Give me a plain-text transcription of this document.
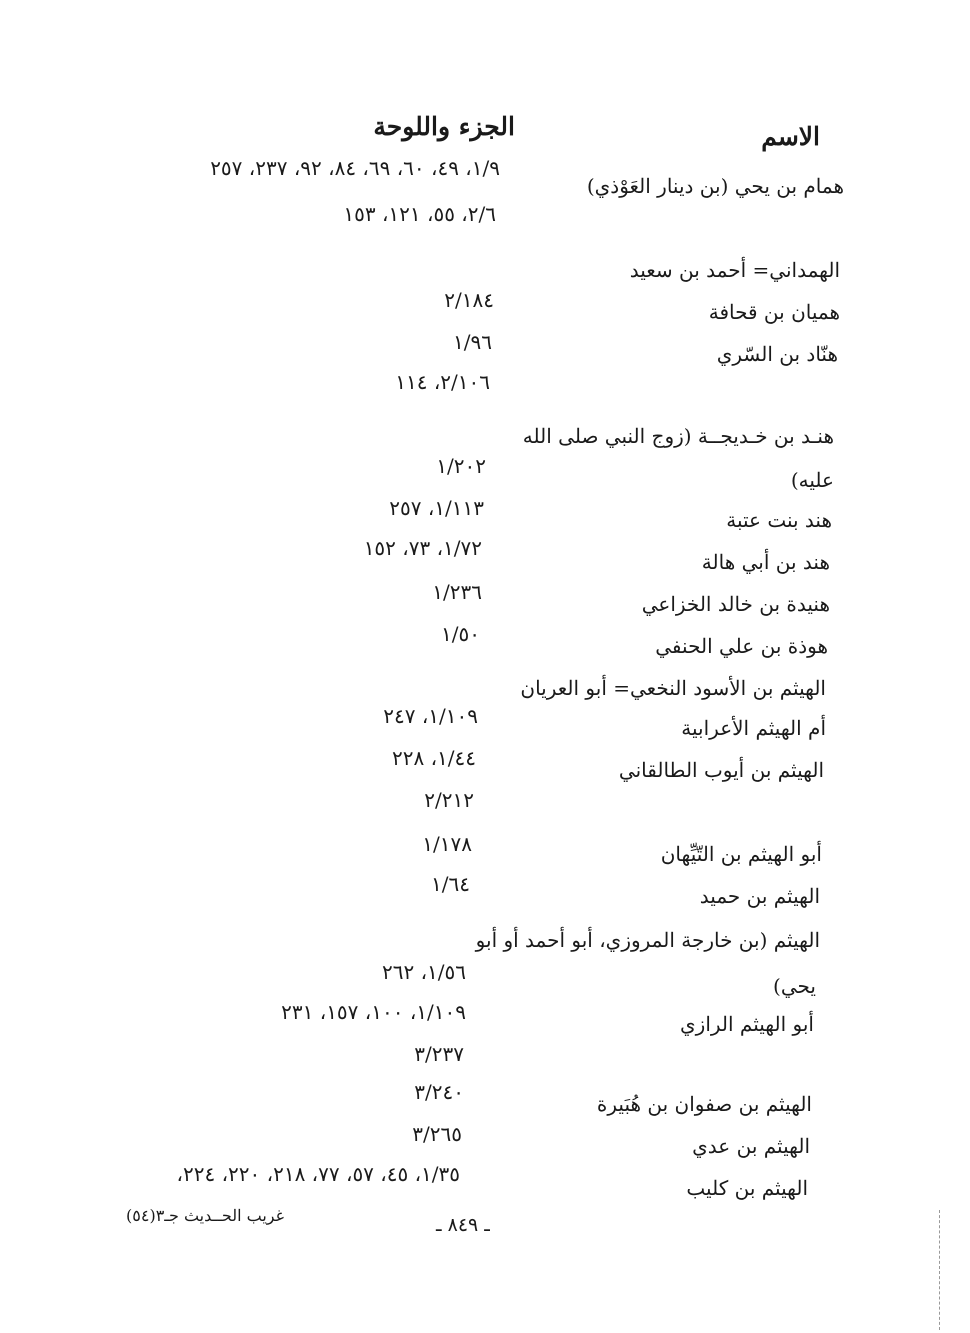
الاسم
الجزء واللوحة
همام بن يحي (بن دينار العَوْذي)
الهمداني= أحمد بن سعيد
هميان بن قحافة
هنّاد بن السّري
هنـد بن خـديجــة (زوج النبي صلى الله
عليه)
هند بنت عتبة
هند بن أبي هالة
هنيدة بن خالد الخزاعي
هوذة بن علي الحنفي
الهيثم بن الأسود النخعي= أبو العريان
أم الهيثم الأعرابية
الهيثم بن أيوب الطالقاني
أبو الهيثم بن التّيِّهان
الهيثم بن حميد
الهيثم (بن خارجة المروزي، أبو أحمد أو أبو
يحي)
أبو الهيثم الرازي
الهيثم بن صفوان بن هُبَيرة
الهيثم بن عدي
الهيثم بن كليب
١/٩، ٤٩، ٦٠، ٦٩، ٨٤، ٩٢، ٢٣٧، ٢٥٧
٢/٦، ٥٥، ١٢١، ١٥٣
٢/١٨٤
١/٩٦
٢/١٠٦، ١١٤
١/٢٠٢
١/١١٣، ٢٥٧
١/٧٢، ٧٣، ١٥٢
١/٢٣٦
١/٥٠
١/١٠٩، ٢٤٧
١/٤٤، ٢٢٨
٢/٢١٢
١/١٧٨
١/٦٤
١/٥٦، ٢٦٢
١/١٠٩، ١٠٠، ١٥٧، ٢٣١
٣/٢٣٧
٣/٢٤٠
٣/٢٦٥
١/٣٥، ٤٥، ٥٧، ٧٧، ٢١٨، ٢٢٠، ٢٢٤،
غريب الحــديث جـ٣(٥٤)	ـ ٨٤٩ ـ
